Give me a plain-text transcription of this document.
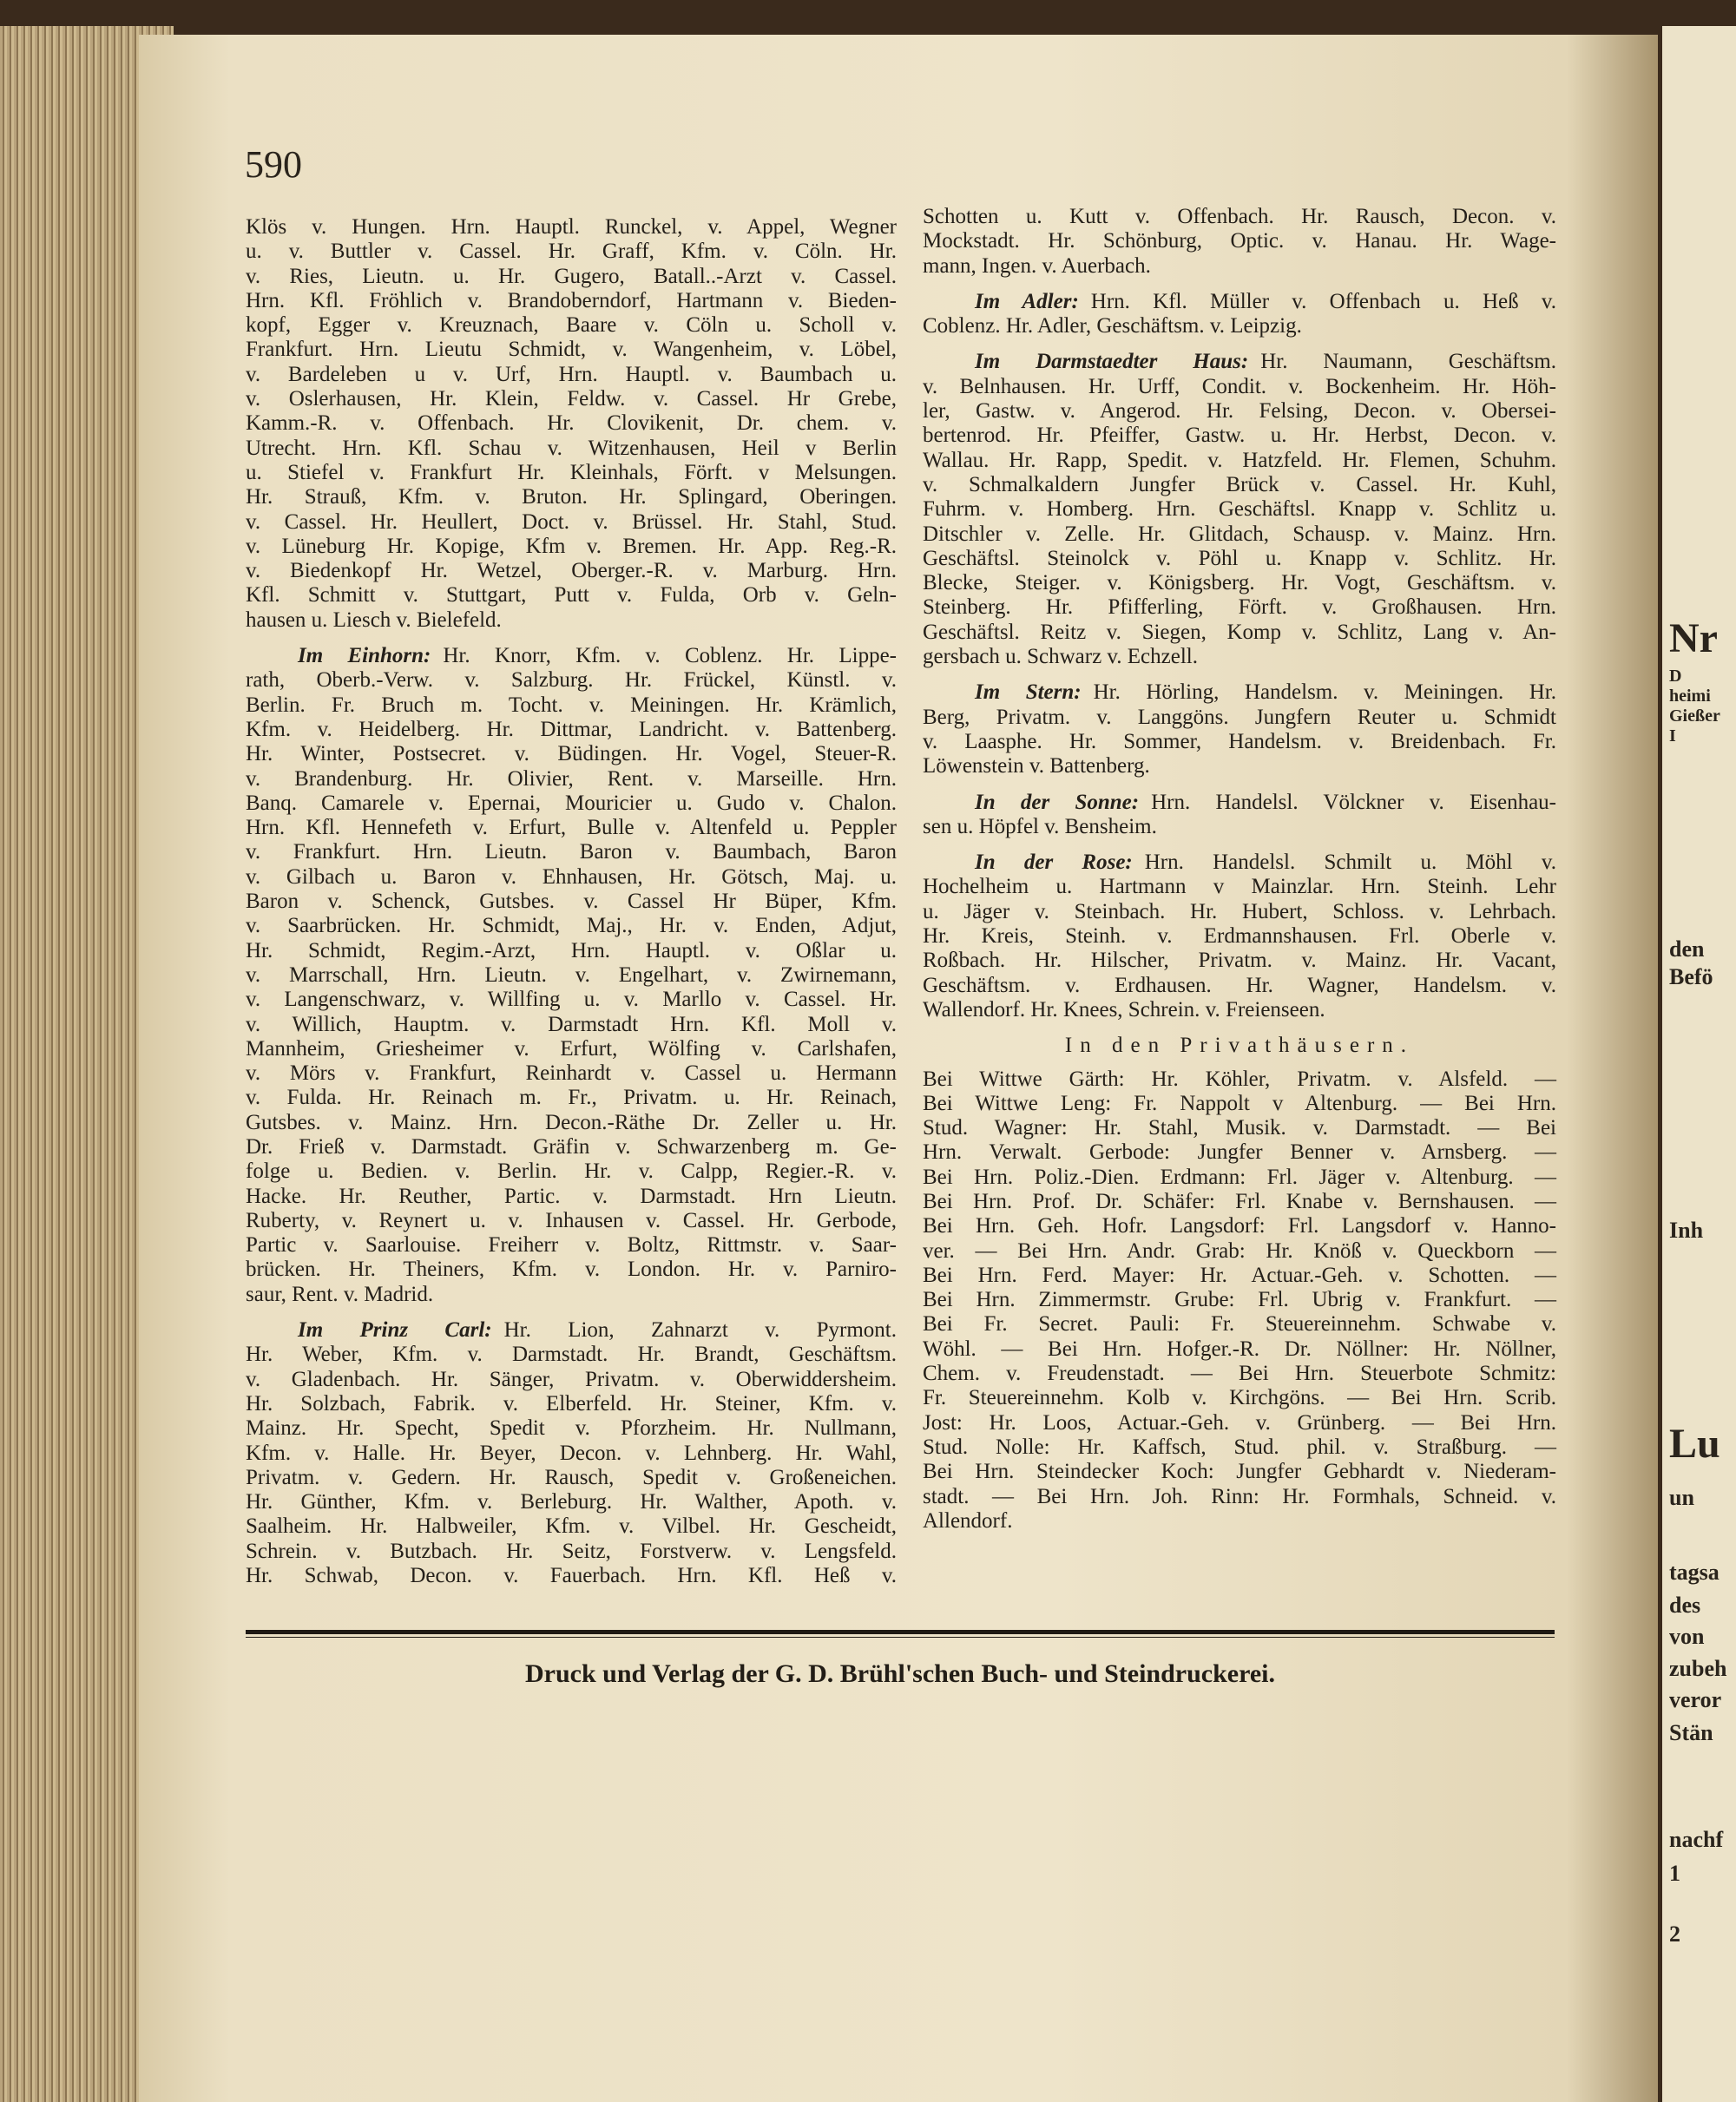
Nr
D
heimi
Gießer
I
den
Befö
Inh
Lu
un
tagsa
des
von
zubeh
veror
Stän
nachf
1
2
590
Klös v. Hungen. Hrn. Hauptl. Runckel, v. Appel, Wegner
u. v. Buttler v. Cassel. Hr. Graff, Kfm. v. Cöln. Hr.
v. Ries, Lieutn. u. Hr. Gugero, Batall..-Arzt v. Cassel.
Hrn. Kfl. Fröhlich v. Brandoberndorf, Hartmann v. Bieden-
kopf, Egger v. Kreuznach, Baare v. Cöln u. Scholl v.
Frankfurt. Hrn. Lieutu Schmidt, v. Wangenheim, v. Löbel,
v. Bardeleben u v. Urf, Hrn. Hauptl. v. Baumbach u.
v. Oslerhausen, Hr. Klein, Feldw. v. Cassel. Hr Grebe,
Kamm.-R. v. Offenbach. Hr. Clovikenit, Dr. chem. v.
Utrecht. Hrn. Kfl. Schau v. Witzenhausen, Heil v Berlin
u. Stiefel v. Frankfurt Hr. Kleinhals, Förft. v Melsungen.
Hr. Strauß, Kfm. v. Bruton. Hr. Splingard, Oberingen.
v. Cassel. Hr. Heullert, Doct. v. Brüssel. Hr. Stahl, Stud.
v. Lüneburg Hr. Kopige, Kfm v. Bremen. Hr. App. Reg.-R.
v. Biedenkopf Hr. Wetzel, Oberger.-R. v. Marburg. Hrn.
Kfl. Schmitt v. Stuttgart, Putt v. Fulda, Orb v. Geln-
hausen u. Liesch v. Bielefeld.
Im Einhorn: Hr. Knorr, Kfm. v. Coblenz. Hr. Lippe-
rath, Oberb.-Verw. v. Salzburg. Hr. Frückel, Künstl. v.
Berlin. Fr. Bruch m. Tocht. v. Meiningen. Hr. Krämlich,
Kfm. v. Heidelberg. Hr. Dittmar, Landricht. v. Battenberg.
Hr. Winter, Postsecret. v. Büdingen. Hr. Vogel, Steuer-R.
v. Brandenburg. Hr. Olivier, Rent. v. Marseille. Hrn.
Banq. Camarele v. Epernai, Mouricier u. Gudo v. Chalon.
Hrn. Kfl. Hennefeth v. Erfurt, Bulle v. Altenfeld u. Peppler
v. Frankfurt. Hrn. Lieutn. Baron v. Baumbach, Baron
v. Gilbach u. Baron v. Ehnhausen, Hr. Götsch, Maj. u.
Baron v. Schenck, Gutsbes. v. Cassel Hr Büper, Kfm.
v. Saarbrücken. Hr. Schmidt, Maj., Hr. v. Enden, Adjut,
Hr. Schmidt, Regim.-Arzt, Hrn. Hauptl. v. Oßlar u.
v. Marrschall, Hrn. Lieutn. v. Engelhart, v. Zwirnemann,
v. Langenschwarz, v. Willfing u. v. Marllo v. Cassel. Hr.
v. Willich, Hauptm. v. Darmstadt Hrn. Kfl. Moll v.
Mannheim, Griesheimer v. Erfurt, Wölfing v. Carlshafen,
v. Mörs v. Frankfurt, Reinhardt v. Cassel u. Hermann
v. Fulda. Hr. Reinach m. Fr., Privatm. u. Hr. Reinach,
Gutsbes. v. Mainz. Hrn. Decon.-Räthe Dr. Zeller u. Hr.
Dr. Frieß v. Darmstadt. Gräfin v. Schwarzenberg m. Ge-
folge u. Bedien. v. Berlin. Hr. v. Calpp, Regier.-R. v.
Hacke. Hr. Reuther, Partic. v. Darmstadt. Hrn Lieutn.
Ruberty, v. Reynert u. v. Inhausen v. Cassel. Hr. Gerbode,
Partic v. Saarlouise. Freiherr v. Boltz, Rittmstr. v. Saar-
brücken. Hr. Theiners, Kfm. v. London. Hr. v. Parniro-
saur, Rent. v. Madrid.
Im Prinz Carl: Hr. Lion, Zahnarzt v. Pyrmont.
Hr. Weber, Kfm. v. Darmstadt. Hr. Brandt, Geschäftsm.
v. Gladenbach. Hr. Sänger, Privatm. v. Oberwiddersheim.
Hr. Solzbach, Fabrik. v. Elberfeld. Hr. Steiner, Kfm. v.
Mainz. Hr. Specht, Spedit v. Pforzheim. Hr. Nullmann,
Kfm. v. Halle. Hr. Beyer, Decon. v. Lehnberg. Hr. Wahl,
Privatm. v. Gedern. Hr. Rausch, Spedit v. Großeneichen.
Hr. Günther, Kfm. v. Berleburg. Hr. Walther, Apoth. v.
Saalheim. Hr. Halbweiler, Kfm. v. Vilbel. Hr. Gescheidt,
Schrein. v. Butzbach. Hr. Seitz, Forstverw. v. Lengsfeld.
Hr. Schwab, Decon. v. Fauerbach. Hrn. Kfl. Heß v.
Schotten u. Kutt v. Offenbach. Hr. Rausch, Decon. v.
Mockstadt. Hr. Schönburg, Optic. v. Hanau. Hr. Wage-
mann, Ingen. v. Auerbach.
Im Adler: Hrn. Kfl. Müller v. Offenbach u. Heß v.
Coblenz. Hr. Adler, Geschäftsm. v. Leipzig.
Im Darmstaedter Haus: Hr. Naumann, Geschäftsm.
v. Belnhausen. Hr. Urff, Condit. v. Bockenheim. Hr. Höh-
ler, Gastw. v. Angerod. Hr. Felsing, Decon. v. Obersei-
bertenrod. Hr. Pfeiffer, Gastw. u. Hr. Herbst, Decon. v.
Wallau. Hr. Rapp, Spedit. v. Hatzfeld. Hr. Flemen, Schuhm.
v. Schmalkaldern Jungfer Brück v. Cassel. Hr. Kuhl,
Fuhrm. v. Homberg. Hrn. Geschäftsl. Knapp v. Schlitz u.
Ditschler v. Zelle. Hr. Glitdach, Schausp. v. Mainz. Hrn.
Geschäftsl. Steinolck v. Pöhl u. Knapp v. Schlitz. Hr.
Blecke, Steiger. v. Königsberg. Hr. Vogt, Geschäftsm. v.
Steinberg. Hr. Pfifferling, Förft. v. Großhausen. Hrn.
Geschäftsl. Reitz v. Siegen, Komp v. Schlitz, Lang v. An-
gersbach u. Schwarz v. Echzell.
Im Stern: Hr. Hörling, Handelsm. v. Meiningen. Hr.
Berg, Privatm. v. Langgöns. Jungfern Reuter u. Schmidt
v. Laasphe. Hr. Sommer, Handelsm. v. Breidenbach. Fr.
Löwenstein v. Battenberg.
In der Sonne: Hrn. Handelsl. Völckner v. Eisenhau-
sen u. Höpfel v. Bensheim.
In der Rose: Hrn. Handelsl. Schmilt u. Möhl v.
Hochelheim u. Hartmann v Mainzlar. Hrn. Steinh. Lehr
u. Jäger v. Steinbach. Hr. Hubert, Schloss. v. Lehrbach.
Hr. Kreis, Steinh. v. Erdmannshausen. Frl. Oberle v.
Roßbach. Hr. Hilscher, Privatm. v. Mainz. Hr. Vacant,
Geschäftsm. v. Erdhausen. Hr. Wagner, Handelsm. v.
Wallendorf. Hr. Knees, Schrein. v. Freienseen.
In den Privathäusern.
Bei Wittwe Gärth: Hr. Köhler, Privatm. v. Alsfeld. —
Bei Wittwe Leng: Fr. Nappolt v Altenburg. — Bei Hrn.
Stud. Wagner: Hr. Stahl, Musik. v. Darmstadt. — Bei
Hrn. Verwalt. Gerbode: Jungfer Benner v. Arnsberg. —
Bei Hrn. Poliz.-Dien. Erdmann: Frl. Jäger v. Altenburg. —
Bei Hrn. Prof. Dr. Schäfer: Frl. Knabe v. Bernshausen. —
Bei Hrn. Geh. Hofr. Langsdorf: Frl. Langsdorf v. Hanno-
ver. — Bei Hrn. Andr. Grab: Hr. Knöß v. Queckborn —
Bei Hrn. Ferd. Mayer: Hr. Actuar.-Geh. v. Schotten. —
Bei Hrn. Zimmermstr. Grube: Frl. Ubrig v. Frankfurt. —
Bei Fr. Secret. Pauli: Fr. Steuereinnehm. Schwabe v.
Wöhl. — Bei Hrn. Hofger.-R. Dr. Nöllner: Hr. Nöllner,
Chem. v. Freudenstadt. — Bei Hrn. Steuerbote Schmitz:
Fr. Steuereinnehm. Kolb v. Kirchgöns. — Bei Hrn. Scrib.
Jost: Hr. Loos, Actuar.-Geh. v. Grünberg. — Bei Hrn.
Stud. Nolle: Hr. Kaffsch, Stud. phil. v. Straßburg. —
Bei Hrn. Steindecker Koch: Jungfer Gebhardt v. Niederam-
stadt. — Bei Hrn. Joh. Rinn: Hr. Formhals, Schneid. v.
Allendorf.
Druck und Verlag der G. D. Brühl'schen Buch- und Steindruckerei.
